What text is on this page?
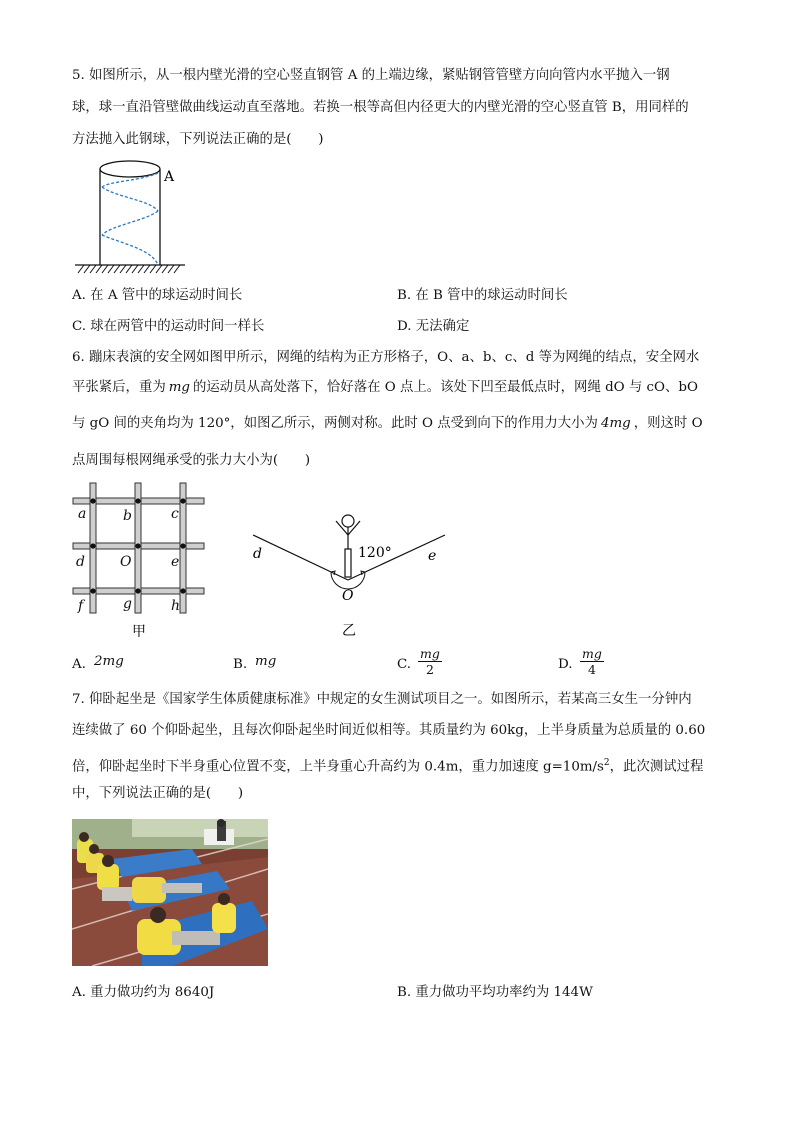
5. 如图所示，从一根内壁光滑的空心竖直钢管 A 的上端边缘，紧贴钢管管壁方向向管内水平抛入一钢
球，球一直沿管壁做曲线运动直至落地。若换一根等高但内径更大的内壁光滑的空心竖直管 B，用同样的
方法抛入此钢球，下列说法正确的是(　　)
A
A. 在 A 管中的球运动时间长	B. 在 B 管中的球运动时间长
C. 球在两管中的运动时间一样长	D. 无法确定
6. 蹦床表演的安全网如图甲所示，网绳的结构为正方形格子，O、a、b、c、d 等为网绳的结点，安全网水
平张紧后，重为 mg 的运动员从高处落下，恰好落在 O 点上。该处下凹至最低点时，网绳 dO 与 cO、bO
与 gO 间的夹角均为 120°，如图乙所示，两侧对称。此时 O 点受到向下的作用力大小为 4mg ，则这时 O
点周围每根网绳承受的张力大小为(　　)
a	b	c
d	O	e
f	g	h
甲
d	e
120°
O
乙
A. 2mg	B. mg	C. $\frac{mg}{2}$	D. $\frac{mg}{4}$
7. 仰卧起坐是《国家学生体质健康标准》中规定的女生测试项目之一。如图所示，若某高三女生一分钟内
连续做了 60 个仰卧起坐，且每次仰卧起坐时间近似相等。其质量约为 60kg，上半身质量为总质量的 0.60
倍，仰卧起坐时下半身重心位置不变，上半身重心升高约为 0.4m，重力加速度 $g=10m/s^2$，此次测试过程
中，下列说法正确的是(　　)
A. 重力做功约为 8640J	B. 重力做功平均功率约为 144W
